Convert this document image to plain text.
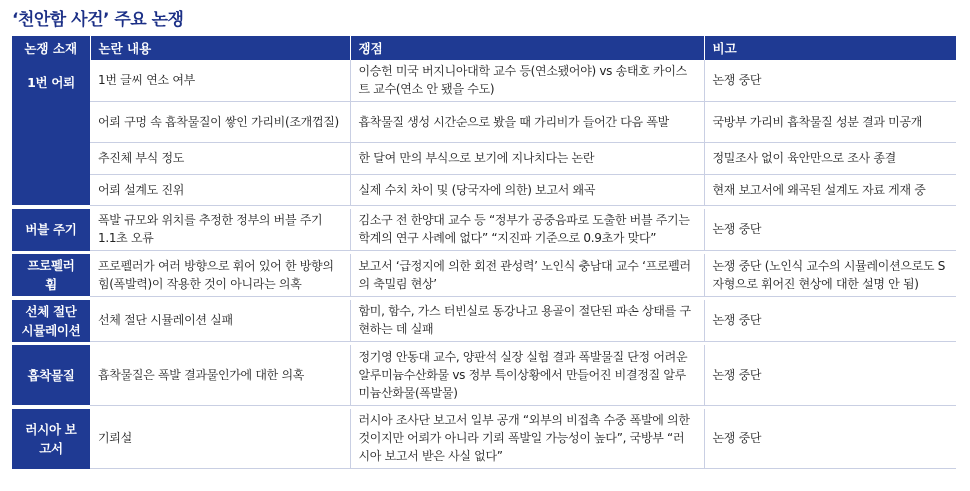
‘천안함 사건’ 주요 논쟁
논쟁 소재	논란 내용	쟁점	비고
1번 어뢰	1번 글씨 연소 여부	이승헌 미국 버지니아대학 교수 등(연소됐어야) vs 송태호 카이스트 교수(연소 안 됐을 수도)	논쟁 중단
	어뢰 구멍 속 흡착물질이 쌓인 가리비(조개껍질)	흡착물질 생성 시간순으로 봤을 때 가리비가 들어간 다음 폭발	국방부 가리비 흡착물질 성분 결과 미공개
	추진체 부식 정도	한 달여 만의 부식으로 보기에 지나치다는 논란	정밀조사 없이 육안만으로 조사 종결
	어뢰 설계도 진위	실제 수치 차이 및 (당국자에 의한) 보고서 왜곡	현재 보고서에 왜곡된 설계도 자료 게재 중

버블 주기	폭발 규모와 위치를 추정한 정부의 버블 주기 1.1초 오류	김소구 전 한양대 교수 등 “정부가 공중음파로 도출한 버블 주기는 학계의 연구 사례에 없다” “지진파 기준으로 0.9초가 맞다”	논쟁 중단

프로펠러 휨	프로펠러가 여러 방향으로 휘어 있어 한 방향의 힘(폭발력)이 작용한 것이 아니라는 의혹	보고서 ‘급정지에 의한 회전 관성력’ 노인식 충남대 교수 ‘프로펠러의 축밀림 현상’	논쟁 중단 (노인식 교수의 시뮬레이션으로도 S자형으로 휘어진 현상에 대한 설명 안 됨)

선체 절단 시뮬레이션	선체 절단 시뮬레이션 실패	함미, 함수, 가스 터빈실로 동강나고 용골이 절단된 파손 상태를 구현하는 데 실패	논쟁 중단

흡착물질	흡착물질은 폭발 결과물인가에 대한 의혹	정기영 안동대 교수, 양판석 실장 실험 결과 폭발물질 단정 어려운 알루미늄수산화물 vs 정부 특이상황에서 만들어진 비결정질 알루미늄산화물(폭발물)	논쟁 중단

러시아 보고서	기뢰설	러시아 조사단 보고서 일부 공개 “외부의 비접촉 수중 폭발에 의한 것이지만 어뢰가 아니라 기뢰 폭발일 가능성이 높다”, 국방부 “러시아 보고서 받은 사실 없다”	논쟁 중단
